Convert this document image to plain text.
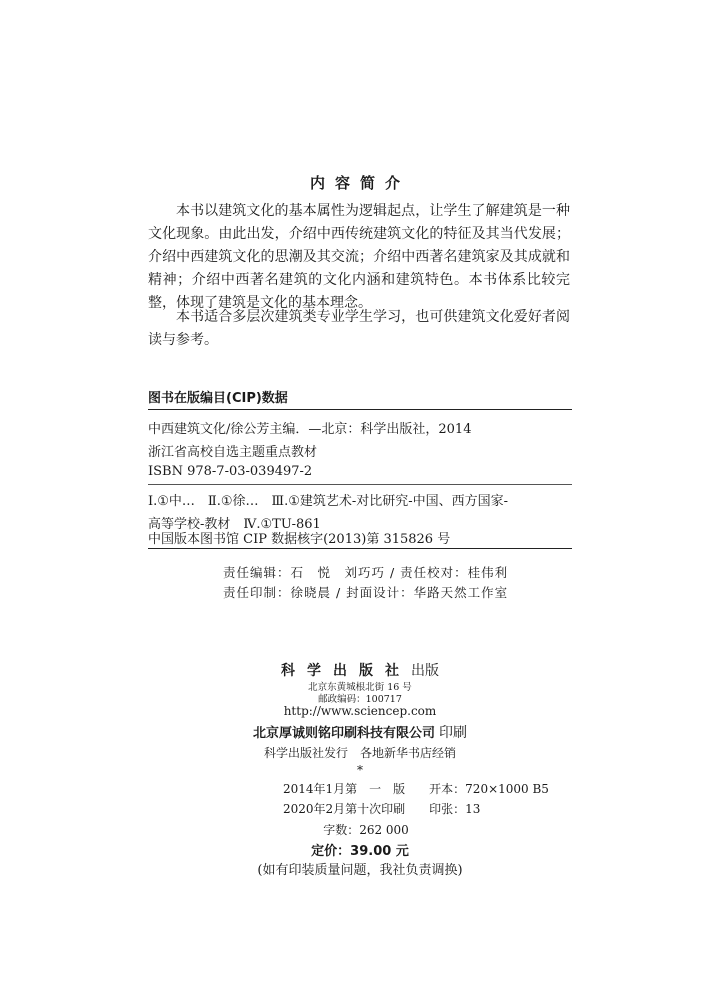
内容简介
本书以建筑文化的基本属性为逻辑起点，让学生了解建筑是一种文化现象。由此出发，介绍中西传统建筑文化的特征及其当代发展；介绍中西建筑文化的思潮及其交流；介绍中西著名建筑家及其成就和精神；介绍中西著名建筑的文化内涵和建筑特色。本书体系比较完整，体现了建筑是文化的基本理念。
本书适合多层次建筑类专业学生学习，也可供建筑文化爱好者阅读与参考。
图书在版编目(CIP)数据
中西建筑文化/徐公芳主编．—北京：科学出版社，2014
浙江省高校自选主题重点教材
ISBN 978-7-03-039497-2
Ⅰ.①中…　Ⅱ.①徐…　Ⅲ.①建筑艺术-对比研究-中国、西方国家-
高等学校-教材　Ⅳ.①TU-861
中国版本图书馆 CIP 数据核字(2013)第 315826 号
责任编辑：石　悦　刘巧巧 / 责任校对：桂伟利
责任印制：徐晓晨 / 封面设计：华路天然工作室
科学出版社出版
北京东黄城根北街 16 号
邮政编码：100717
http://www.sciencep.com
北京厚诚则铭印刷科技有限公司 印刷
科学出版社发行　各地新华书店经销
*
2014年1月第　一　版　　开本：720×1000 B5
2020年2月第十次印刷　　印张：13
字数：262 000
定价：39.00 元
(如有印装质量问题，我社负责调换)
